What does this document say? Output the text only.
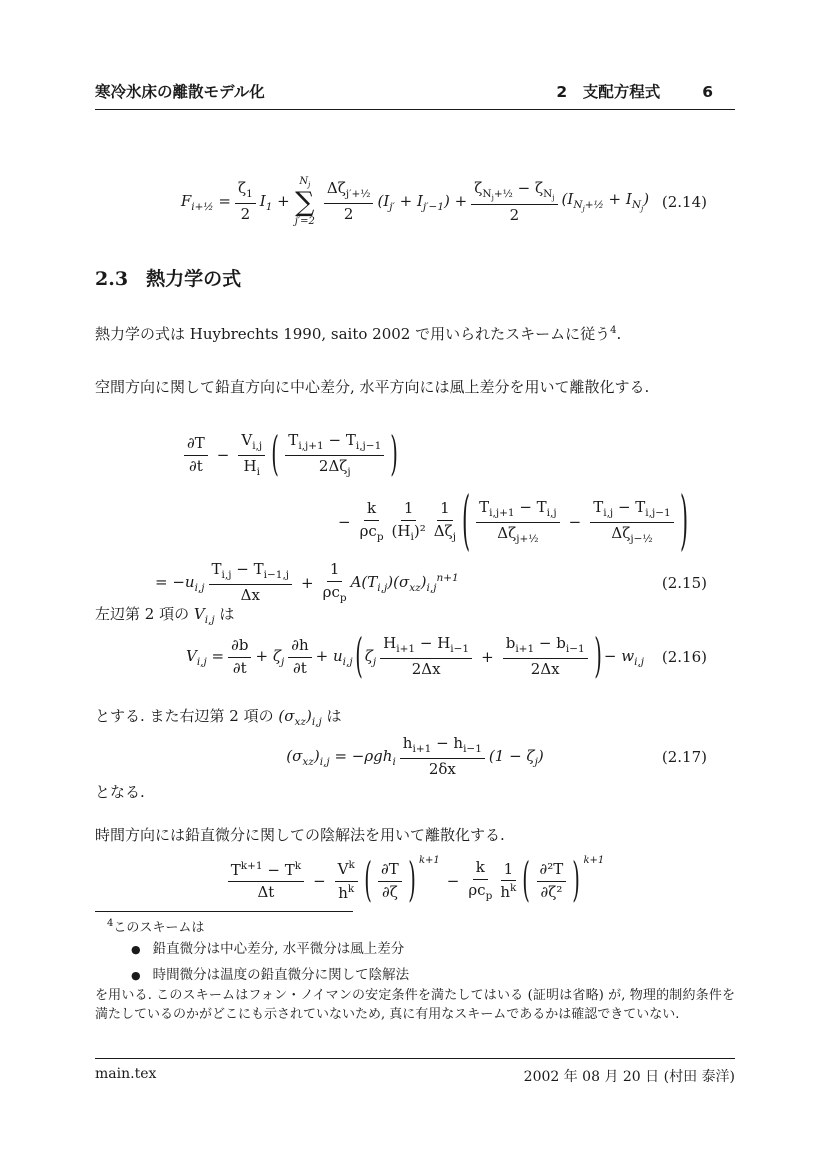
寒冷氷床の離散モデル化	2　支配方程式	6
$F_{i+\frac{1}{2}} = \frac{\zeta_1}{2} I_1$ +
$N_j$
∑
$j'=2 \frac{\Delta\zeta_{j'+\frac{1}{2}}}{2} (I_{j'} + I_{j'-1}) + \frac{\zeta_{N_j+\frac{1}{2}} - \zeta_{N_j}}{2} (I_{N_j+\frac{1}{2}} + I_{N_j})$ (2.14)
2.3 熱力学の式
熱力学の式は Huybrechts 1990, saito 2002 で用いられたスキームに従う$^4$.
空間方向に関して鉛直方向に中心差分, 水平方向には風上差分を用いて離散化する.
$\frac{\partial T}{\partial t} - \frac{V_{i,j}}{H_i}$ ( $\frac{T_{i,j+1} - T_{i,j-1}}{2\Delta\zeta_j}$ )
− $\frac{k}{\rho c_p} \frac{1}{(H_i)^2} \frac{1}{\Delta\zeta_j}$ ( $\frac{T_{i,j+1} - T_{i,j}}{\Delta\zeta_{j+\frac{1}{2}}} - \frac{T_{i,j} - T_{i,j-1}}{\Delta\zeta_{j-\frac{1}{2}}}$ )
= $-u_{i,j} \frac{T_{i,j} - T_{i-1,j}}{\Delta x} + \frac{1}{\rho c_p} A(T_{i,j})(\sigma_{xz})_{i,j}^{n+1}$	(2.15)
左辺第 2 項の $V_{i,j}$ は
$V_{i,j} = \frac{\partial b}{\partial t} + \zeta_j \frac{\partial h}{\partial t} + u_{i,j}$ ( $\zeta_j \frac{H_{i+1} - H_{i-1}}{2\Delta x} + \frac{b_{i+1} - b_{i-1}}{2\Delta x}$ ) − $w_{i,j}$ (2.16)
とする. また右辺第 2 項の $(\sigma_{xz})_{i,j}$ は
$(\sigma_{xz})_{i,j} = -\rho gh_i \frac{h_{i+1} - h_{i-1}}{2\delta x} (1 - \zeta_j)$	(2.17)
となる.
時間方向には鉛直微分に関しての陰解法を用いて離散化する.
$\frac{T^{k+1} - T^k}{\Delta t} - \frac{V^k}{h^k}$ ( $\frac{\partial T}{\partial\zeta}$ ) k+1
− $\frac{k}{\rho c_p} \frac{1}{h^k}$ ( $\frac{\text{∂²T}}{\text{∂ζ²}}$ ) k+1
$^4$このスキームは
● 鉛直微分は中心差分, 水平微分は風上差分
● 時間微分は温度の鉛直微分に関して陰解法
を用いる. このスキームはフォン・ノイマンの安定条件を満たしてはいる (証明は省略) が, 物理的制約条件を満たしているのかがどこにも示されていないため, 真に有用なスキームであるかは確認できていない.
main.tex	2002 年 08 月 20 日 (村田 泰洋)
